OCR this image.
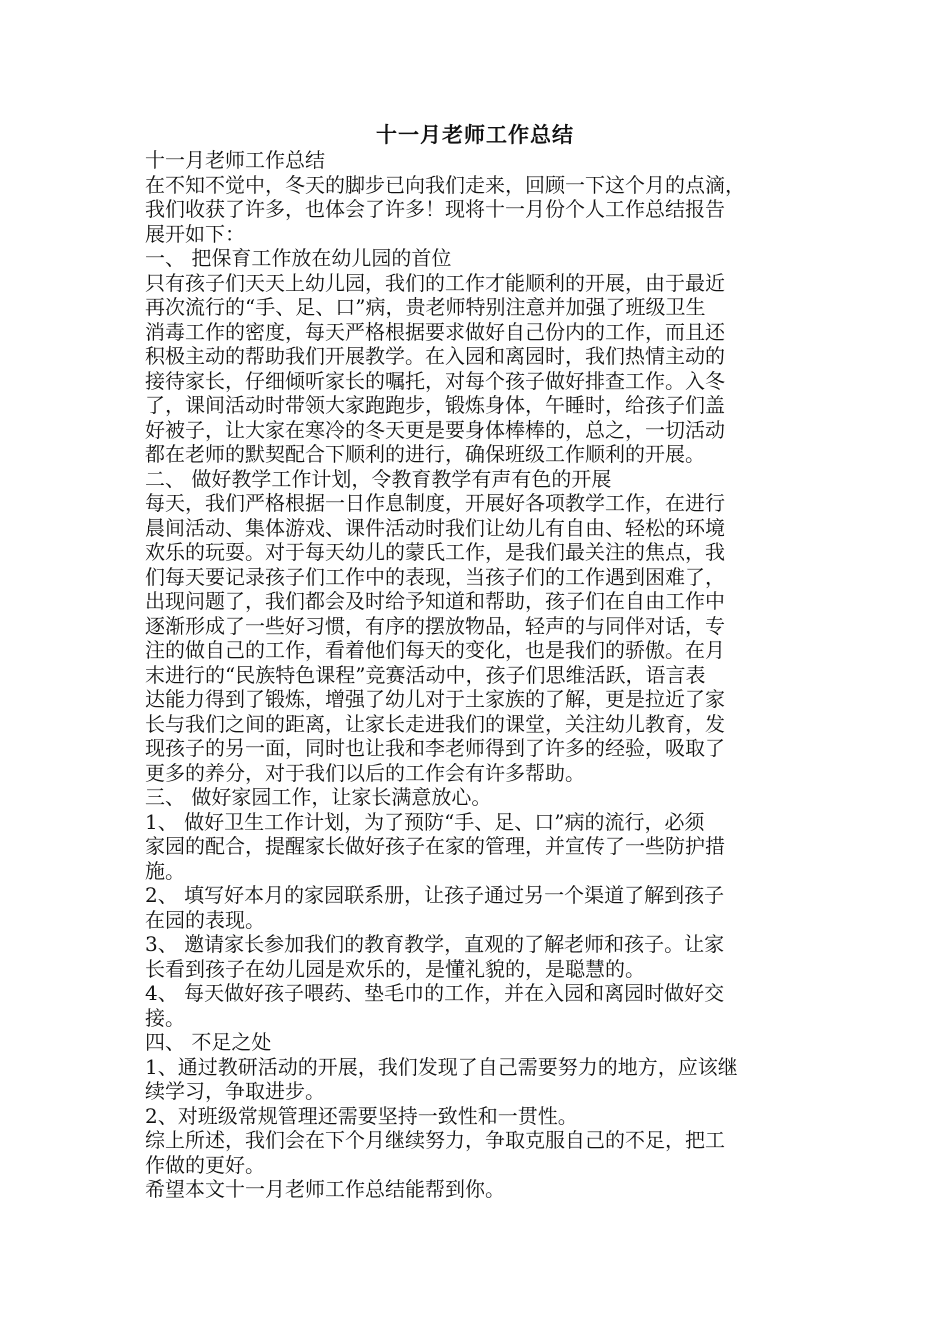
十一月老师工作总结
十一月老师工作总结
在不知不觉中，冬天的脚步已向我们走来，回顾一下这个月的点滴，
我们收获了许多，也体会了许多！现将十一月份个人工作总结报告
展开如下：
一、 把保育工作放在幼儿园的首位
只有孩子们天天上幼儿园，我们的工作才能顺利的开展，由于最近
再次流行的“手、足、口”病，贵老师特别注意并加强了班级卫生
消毒工作的密度，每天严格根据要求做好自己份内的工作，而且还
积极主动的帮助我们开展教学。在入园和离园时，我们热情主动的
接待家长，仔细倾听家长的嘱托，对每个孩子做好排查工作。入冬
了，课间活动时带领大家跑跑步，锻炼身体，午睡时，给孩子们盖
好被子，让大家在寒冷的冬天更是要身体棒棒的，总之，一切活动
都在老师的默契配合下顺利的进行，确保班级工作顺利的开展。
二、 做好教学工作计划，令教育教学有声有色的开展
每天，我们严格根据一日作息制度，开展好各项教学工作，在进行
晨间活动、集体游戏、课件活动时我们让幼儿有自由、轻松的环境
欢乐的玩耍。对于每天幼儿的蒙氏工作，是我们最关注的焦点，我
们每天要记录孩子们工作中的表现，当孩子们的工作遇到困难了，
出现问题了，我们都会及时给予知道和帮助，孩子们在自由工作中
逐渐形成了一些好习惯，有序的摆放物品，轻声的与同伴对话，专
注的做自己的工作，看着他们每天的变化，也是我们的骄傲。在月
末进行的“民族特色课程”竞赛活动中，孩子们思维活跃，语言表
达能力得到了锻炼，增强了幼儿对于土家族的了解，更是拉近了家
长与我们之间的距离，让家长走进我们的课堂，关注幼儿教育，发
现孩子的另一面，同时也让我和李老师得到了许多的经验，吸取了
更多的养分，对于我们以后的工作会有许多帮助。
三、 做好家园工作，让家长满意放心。
1、 做好卫生工作计划，为了预防“手、足、口”病的流行，必须
家园的配合，提醒家长做好孩子在家的管理，并宣传了一些防护措
施。
2、 填写好本月的家园联系册，让孩子通过另一个渠道了解到孩子
在园的表现。
3、 邀请家长参加我们的教育教学，直观的了解老师和孩子。让家
长看到孩子在幼儿园是欢乐的，是懂礼貌的，是聪慧的。
4、 每天做好孩子喂药、垫毛巾的工作，并在入园和离园时做好交
接。
四、 不足之处
1、通过教研活动的开展，我们发现了自己需要努力的地方，应该继
续学习，争取进步。
2、对班级常规管理还需要坚持一致性和一贯性。
综上所述，我们会在下个月继续努力，争取克服自己的不足，把工
作做的更好。
希望本文十一月老师工作总结能帮到你。
